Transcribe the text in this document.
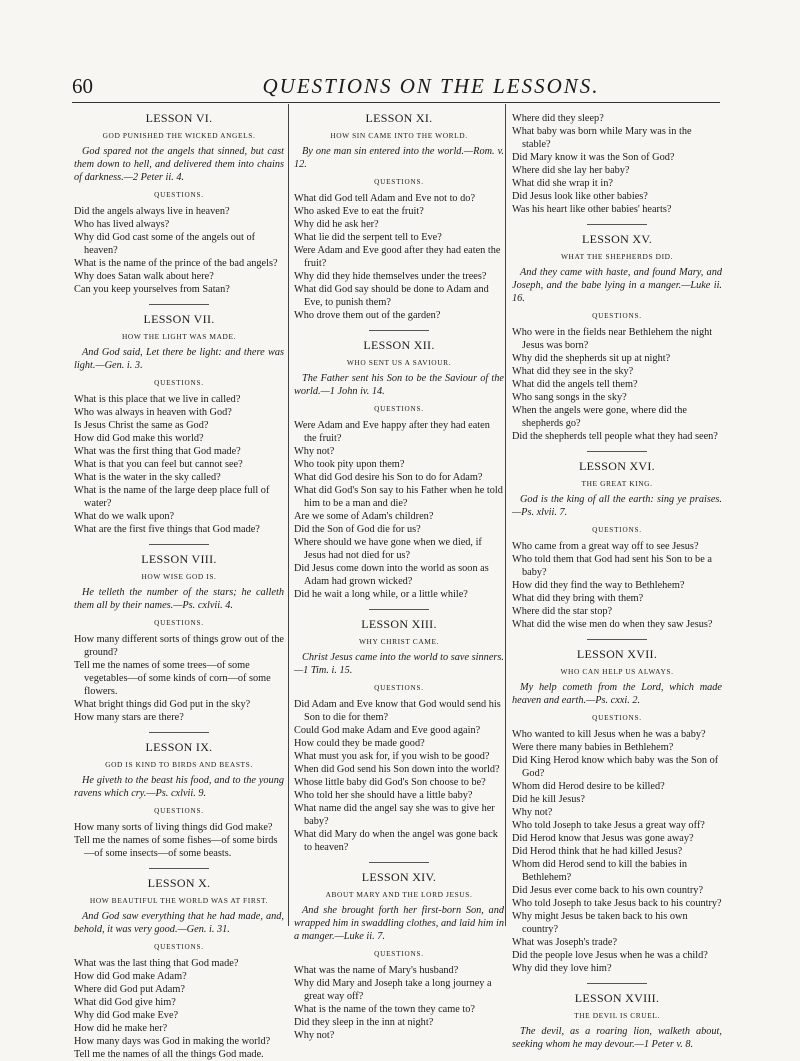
60	QUESTIONS ON THE LESSONS.
LESSON VI.
GOD PUNISHED THE WICKED ANGELS.
God spared not the angels that sinned, but cast them down to hell, and delivered them into chains of darkness.—2 Peter ii. 4.
QUESTIONS.
Did the angels always live in heaven?
Who has lived always?
Why did God cast some of the angels out of heaven?
What is the name of the prince of the bad angels?
Why does Satan walk about here?
Can you keep yourselves from Satan?
LESSON VII.
HOW THE LIGHT WAS MADE.
And God said, Let there be light: and there was light.—Gen. i. 3.
QUESTIONS.
What is this place that we live in called?
Who was always in heaven with God?
Is Jesus Christ the same as God?
How did God make this world?
What was the first thing that God made?
What is that you can feel but cannot see?
What is the water in the sky called?
What is the name of the large deep place full of water?
What do we walk upon?
What are the first five things that God made?
LESSON VIII.
HOW WISE GOD IS.
He telleth the number of the stars; he calleth them all by their names.—Ps. cxlvii. 4.
QUESTIONS.
How many different sorts of things grow out of the ground?
Tell me the names of some trees—of some vegetables—of some kinds of corn—of some flowers.
What bright things did God put in the sky?
How many stars are there?
LESSON IX.
GOD IS KIND TO BIRDS AND BEASTS.
He giveth to the beast his food, and to the young ravens which cry.—Ps. cxlvii. 9.
QUESTIONS.
How many sorts of living things did God make?
Tell me the names of some fishes—of some birds—of some insects—of some beasts.
LESSON X.
HOW BEAUTIFUL THE WORLD WAS AT FIRST.
And God saw everything that he had made, and, behold, it was very good.—Gen. i. 31.
QUESTIONS.
What was the last thing that God made?
How did God make Adam?
Where did God put Adam?
What did God give him?
Why did God make Eve?
How did he make her?
How many days was God in making the world?
Tell me the names of all the things God made.
LESSON XI.
HOW SIN CAME INTO THE WORLD.
By one man sin entered into the world.—Rom. v. 12.
QUESTIONS.
What did God tell Adam and Eve not to do?
Who asked Eve to eat the fruit?
Why did he ask her?
What lie did the serpent tell to Eve?
Were Adam and Eve good after they had eaten the fruit?
Why did they hide themselves under the trees?
What did God say should be done to Adam and Eve, to punish them?
Who drove them out of the garden?
LESSON XII.
WHO SENT US A SAVIOUR.
The Father sent his Son to be the Saviour of the world.—1 John iv. 14.
QUESTIONS.
Were Adam and Eve happy after they had eaten the fruit?
Why not?
Who took pity upon them?
What did God desire his Son to do for Adam?
What did God's Son say to his Father when he told him to be a man and die?
Are we some of Adam's children?
Did the Son of God die for us?
Where should we have gone when we died, if Jesus had not died for us?
Did Jesus come down into the world as soon as Adam had grown wicked?
Did he wait a long while, or a little while?
LESSON XIII.
WHY CHRIST CAME.
Christ Jesus came into the world to save sinners.—1 Tim. i. 15.
QUESTIONS.
Did Adam and Eve know that God would send his Son to die for them?
Could God make Adam and Eve good again?
How could they be made good?
What must you ask for, if you wish to be good?
When did God send his Son down into the world?
Whose little baby did God's Son choose to be?
Who told her she should have a little baby?
What name did the angel say she was to give her baby?
What did Mary do when the angel was gone back to heaven?
LESSON XIV.
ABOUT MARY AND THE LORD JESUS.
And she brought forth her first-born Son, and wrapped him in swaddling clothes, and laid him in a manger.—Luke ii. 7.
QUESTIONS.
What was the name of Mary's husband?
Why did Mary and Joseph take a long journey a great way off?
What is the name of the town they came to?
Did they sleep in the inn at night?
Why not?
Where did they sleep?
What baby was born while Mary was in the stable?
Did Mary know it was the Son of God?
Where did she lay her baby?
What did she wrap it in?
Did Jesus look like other babies?
Was his heart like other babies' hearts?
LESSON XV.
WHAT THE SHEPHERDS DID.
And they came with haste, and found Mary, and Joseph, and the babe lying in a manger.—Luke ii. 16.
QUESTIONS.
Who were in the fields near Bethlehem the night Jesus was born?
Why did the shepherds sit up at night?
What did they see in the sky?
What did the angels tell them?
Who sang songs in the sky?
When the angels were gone, where did the shepherds go?
Did the shepherds tell people what they had seen?
LESSON XVI.
THE GREAT KING.
God is the king of all the earth: sing ye praises.—Ps. xlvii. 7.
QUESTIONS.
Who came from a great way off to see Jesus?
Who told them that God had sent his Son to be a baby?
How did they find the way to Bethlehem?
What did they bring with them?
Where did the star stop?
What did the wise men do when they saw Jesus?
LESSON XVII.
WHO CAN HELP US ALWAYS.
My help cometh from the Lord, which made heaven and earth.—Ps. cxxi. 2.
QUESTIONS.
Who wanted to kill Jesus when he was a baby?
Were there many babies in Bethlehem?
Did King Herod know which baby was the Son of God?
Whom did Herod desire to be killed?
Did he kill Jesus?
Why not?
Who told Joseph to take Jesus a great way off?
Did Herod know that Jesus was gone away?
Did Herod think that he had killed Jesus?
Whom did Herod send to kill the babies in Bethlehem?
Did Jesus ever come back to his own country?
Who told Joseph to take Jesus back to his country?
Why might Jesus be taken back to his own country?
What was Joseph's trade?
Did the people love Jesus when he was a child?
Why did they love him?
LESSON XVIII.
THE DEVIL IS CRUEL.
The devil, as a roaring lion, walketh about, seeking whom he may devour.—1 Peter v. 8.
